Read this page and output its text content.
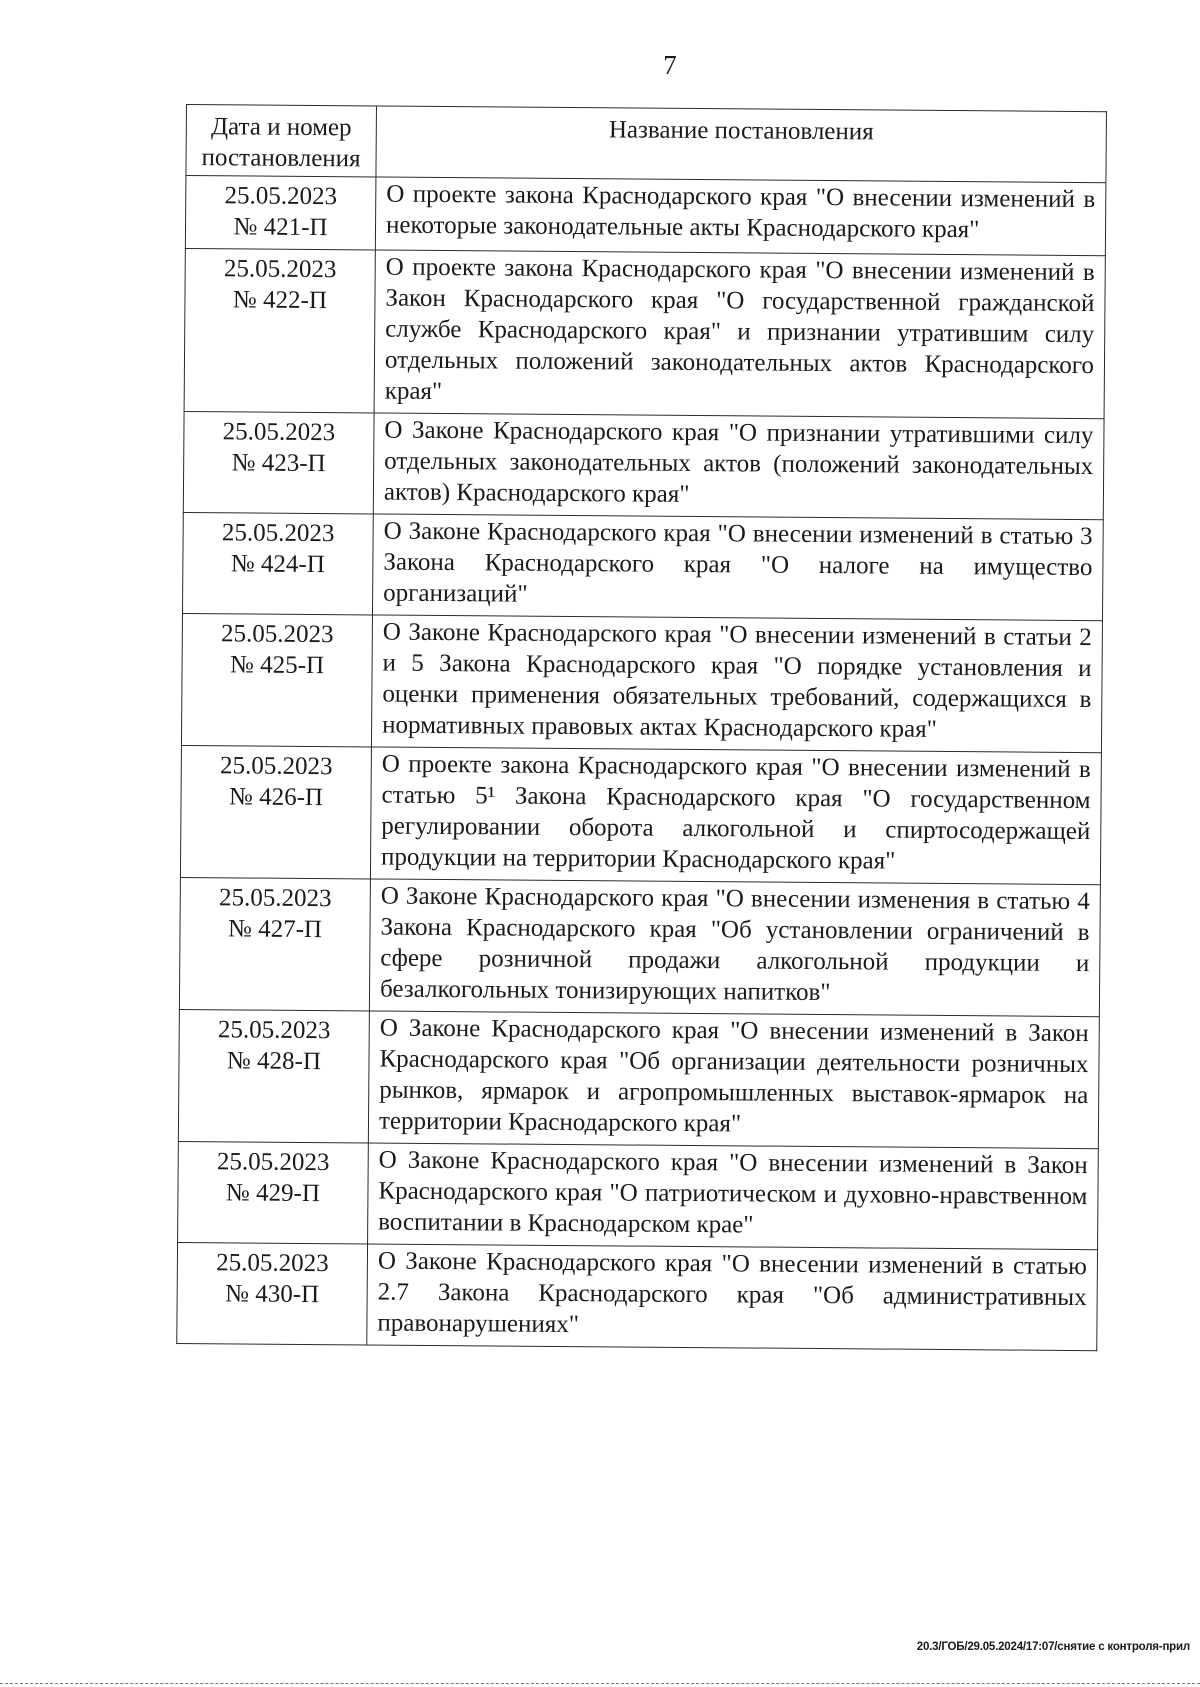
7
Дата и номер постановления	Название постановления

25.05.2023
№ 421-П	О проекте закона Краснодарского края "О внесении изменений в некоторые законодательные акты Краснодарского края"

25.05.2023
№ 422-П	О проекте закона Краснодарского края "О внесении изменений в Закон Краснодарского края "О государственной гражданской службе Краснодарского края" и признании утратившим силу отдельных положений законодательных актов Краснодарского края"

25.05.2023
№ 423-П	О Законе Краснодарского края "О признании утратившими силу отдельных законодательных актов (положений законодательных актов) Краснодарского края"

25.05.2023
№ 424-П	О Законе Краснодарского края "О внесении изменений в статью 3 Закона Краснодарского края "О налоге на имущество организаций"

25.05.2023
№ 425-П	О Законе Краснодарского края "О внесении изменений в статьи 2 и 5 Закона Краснодарского края "О порядке установления и оценки применения обязательных требований, содержащихся в нормативных правовых актах Краснодарского края"

25.05.2023
№ 426-П	О проекте закона Краснодарского края "О внесении изменений в статью 5¹ Закона Краснодарского края "О государственном регулировании оборота алкогольной и спиртосодержащей продукции на территории Краснодарского края"

25.05.2023
№ 427-П	О Законе Краснодарского края "О внесении изменения в статью 4 Закона Краснодарского края "Об установлении ограничений в сфере розничной продажи алкогольной продукции и безалкогольных тонизирующих напитков"

25.05.2023
№ 428-П	О Законе Краснодарского края "О внесении изменений в Закон Краснодарского края "Об организации деятельности розничных рынков, ярмарок и агропромышленных выставок-ярмарок на территории Краснодарского края"

25.05.2023
№ 429-П	О Законе Краснодарского края "О внесении изменений в Закон Краснодарского края "О патриотическом и духовно-нравственном воспитании в Краснодарском крае"

25.05.2023
№ 430-П	О Законе Краснодарского края "О внесении изменений в статью 2.7 Закона Краснодарского края "Об административных правонарушениях"
20.3/ГОБ/29.05.2024/17:07/снятие с контроля-прил
